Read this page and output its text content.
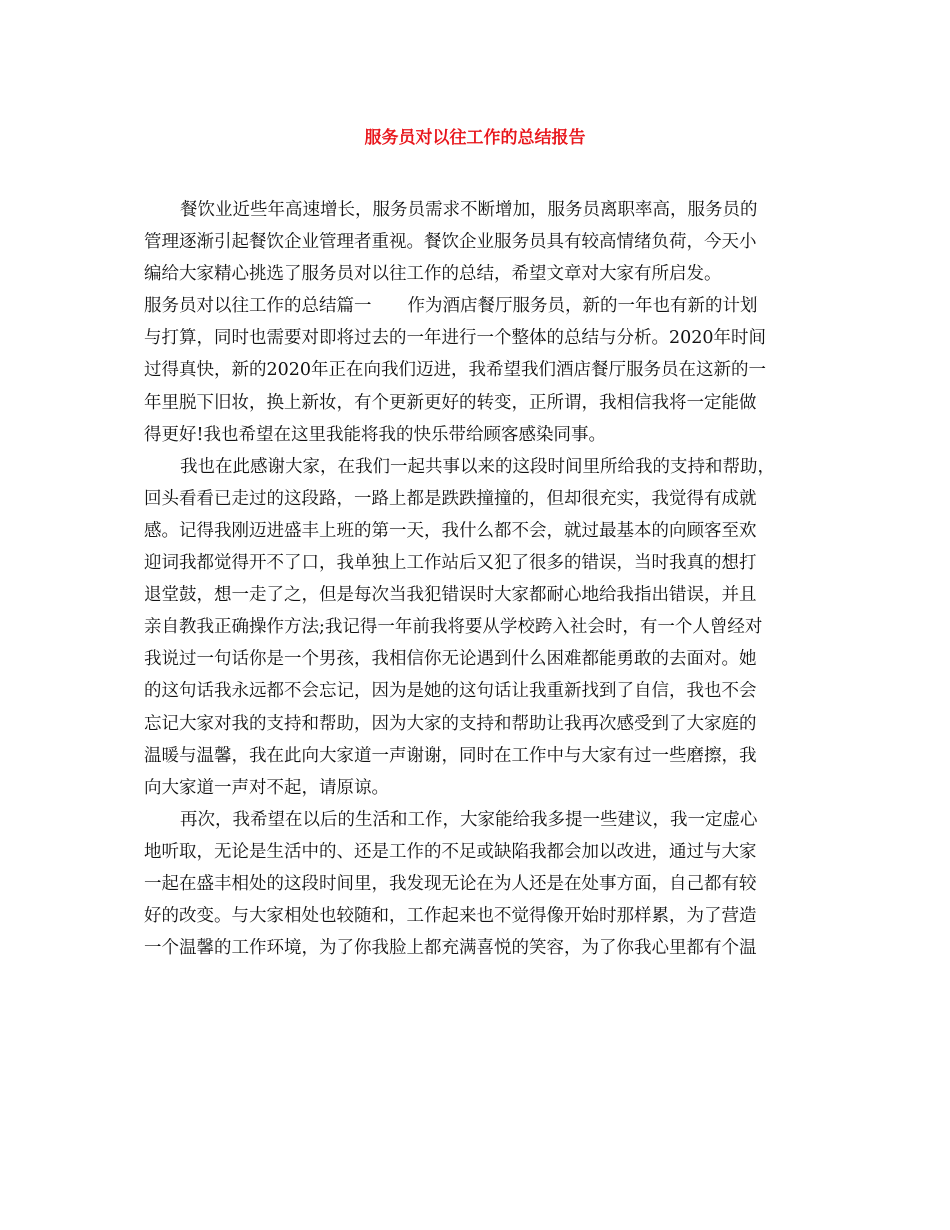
服务员对以往工作的总结报告
餐饮业近些年高速增长，服务员需求不断增加，服务员离职率高，服务员的
管理逐渐引起餐饮企业管理者重视。餐饮企业服务员具有较高情绪负荷，今天小
编给大家精心挑选了服务员对以往工作的总结，希望文章对大家有所启发。
服务员对以往工作的总结篇一 作为酒店餐厅服务员，新的一年也有新的计划
与打算，同时也需要对即将过去的一年进行一个整体的总结与分析。2020年时间
过得真快，新的2020年正在向我们迈进，我希望我们酒店餐厅服务员在这新的一
年里脱下旧妆，换上新妆，有个更新更好的转变，正所谓，我相信我将一定能做
得更好!我也希望在这里我能将我的快乐带给顾客感染同事。
我也在此感谢大家，在我们一起共事以来的这段时间里所给我的支持和帮助，
回头看看已走过的这段路，一路上都是跌跌撞撞的，但却很充实，我觉得有成就
感。记得我刚迈进盛丰上班的第一天，我什么都不会，就过最基本的向顾客至欢
迎词我都觉得开不了口，我单独上工作站后又犯了很多的错误，当时我真的想打
退堂鼓，想一走了之，但是每次当我犯错误时大家都耐心地给我指出错误，并且
亲自教我正确操作方法;我记得一年前我将要从学校跨入社会时，有一个人曾经对
我说过一句话你是一个男孩，我相信你无论遇到什么困难都能勇敢的去面对。她
的这句话我永远都不会忘记，因为是她的这句话让我重新找到了自信，我也不会
忘记大家对我的支持和帮助，因为大家的支持和帮助让我再次感受到了大家庭的
温暖与温馨，我在此向大家道一声谢谢，同时在工作中与大家有过一些磨擦，我
向大家道一声对不起，请原谅。
再次，我希望在以后的生活和工作，大家能给我多提一些建议，我一定虚心
地听取，无论是生活中的、还是工作的不足或缺陷我都会加以改进，通过与大家
一起在盛丰相处的这段时间里，我发现无论在为人还是在处事方面，自己都有较
好的改变。与大家相处也较随和，工作起来也不觉得像开始时那样累，为了营造
一个温馨的工作环境，为了你我脸上都充满喜悦的笑容，为了你我心里都有个温
